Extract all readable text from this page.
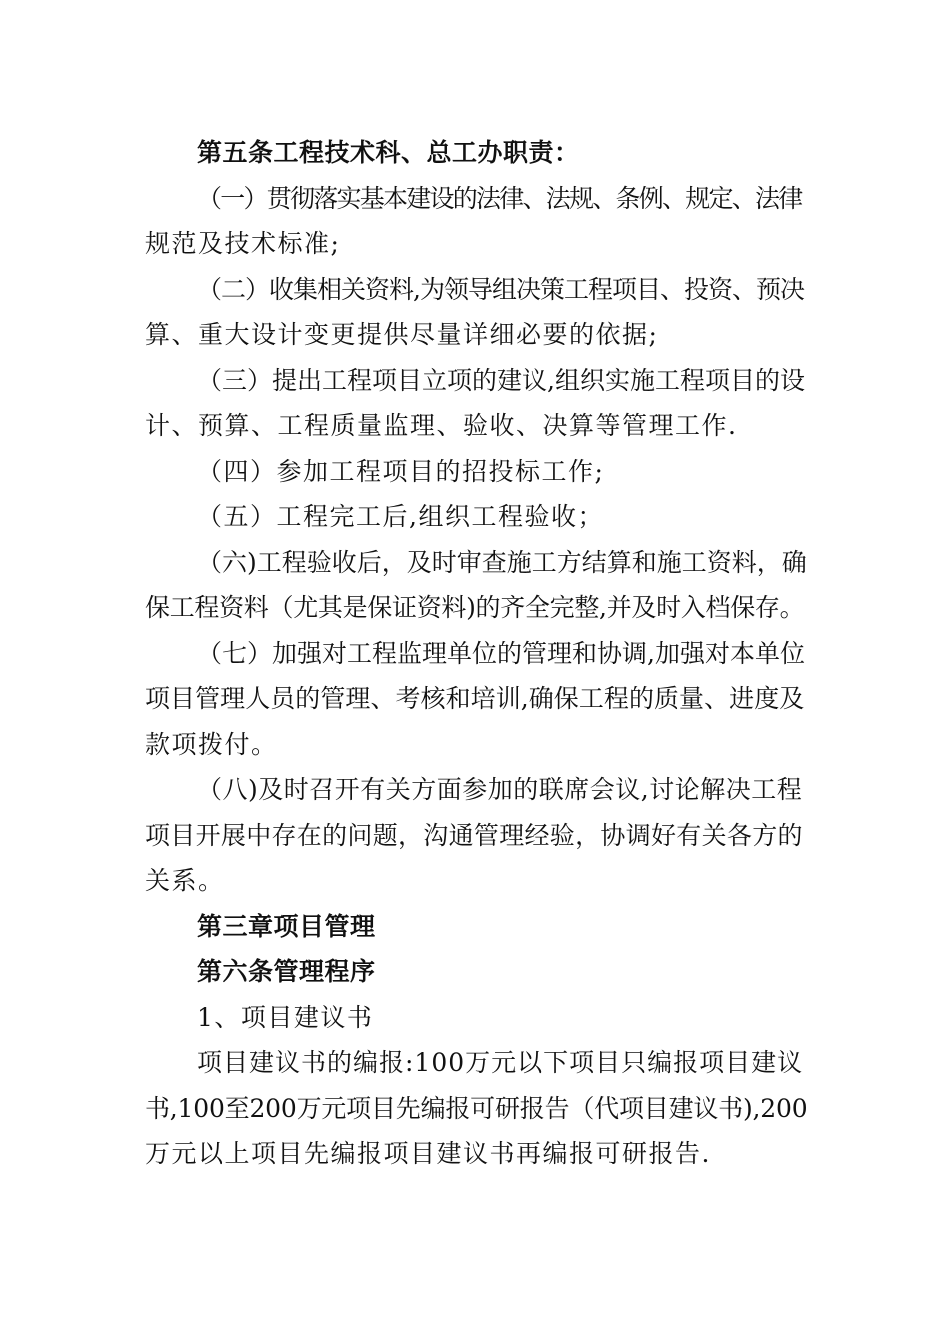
第五条工程技术科、总工办职责：
（一）贯彻落实基本建设的法律、法规、条例、规定、法律
规范及技术标准;
（二）收集相关资料,为领导组决策工程项目、投资、预决
算、重大设计变更提供尽量详细必要的依据;
（三）提出工程项目立项的建议,组织实施工程项目的设
计、预算、工程质量监理、验收、决算等管理工作.
（四）参加工程项目的招投标工作;
（五）工程完工后,组织工程验收；
（六)工程验收后，及时审查施工方结算和施工资料，确
保工程资料（尤其是保证资料)的齐全完整,并及时入档保存。
（七）加强对工程监理单位的管理和协调,加强对本单位
项目管理人员的管理、考核和培训,确保工程的质量、进度及
款项拨付。
（八)及时召开有关方面参加的联席会议,讨论解决工程
项目开展中存在的问题，沟通管理经验，协调好有关各方的
关系。
第三章项目管理
第六条管理程序
1、项目建议书
项目建议书的编报:100万元以下项目只编报项目建议
书,100至200万元项目先编报可研报告（代项目建议书),200
万元以上项目先编报项目建议书再编报可研报告.
